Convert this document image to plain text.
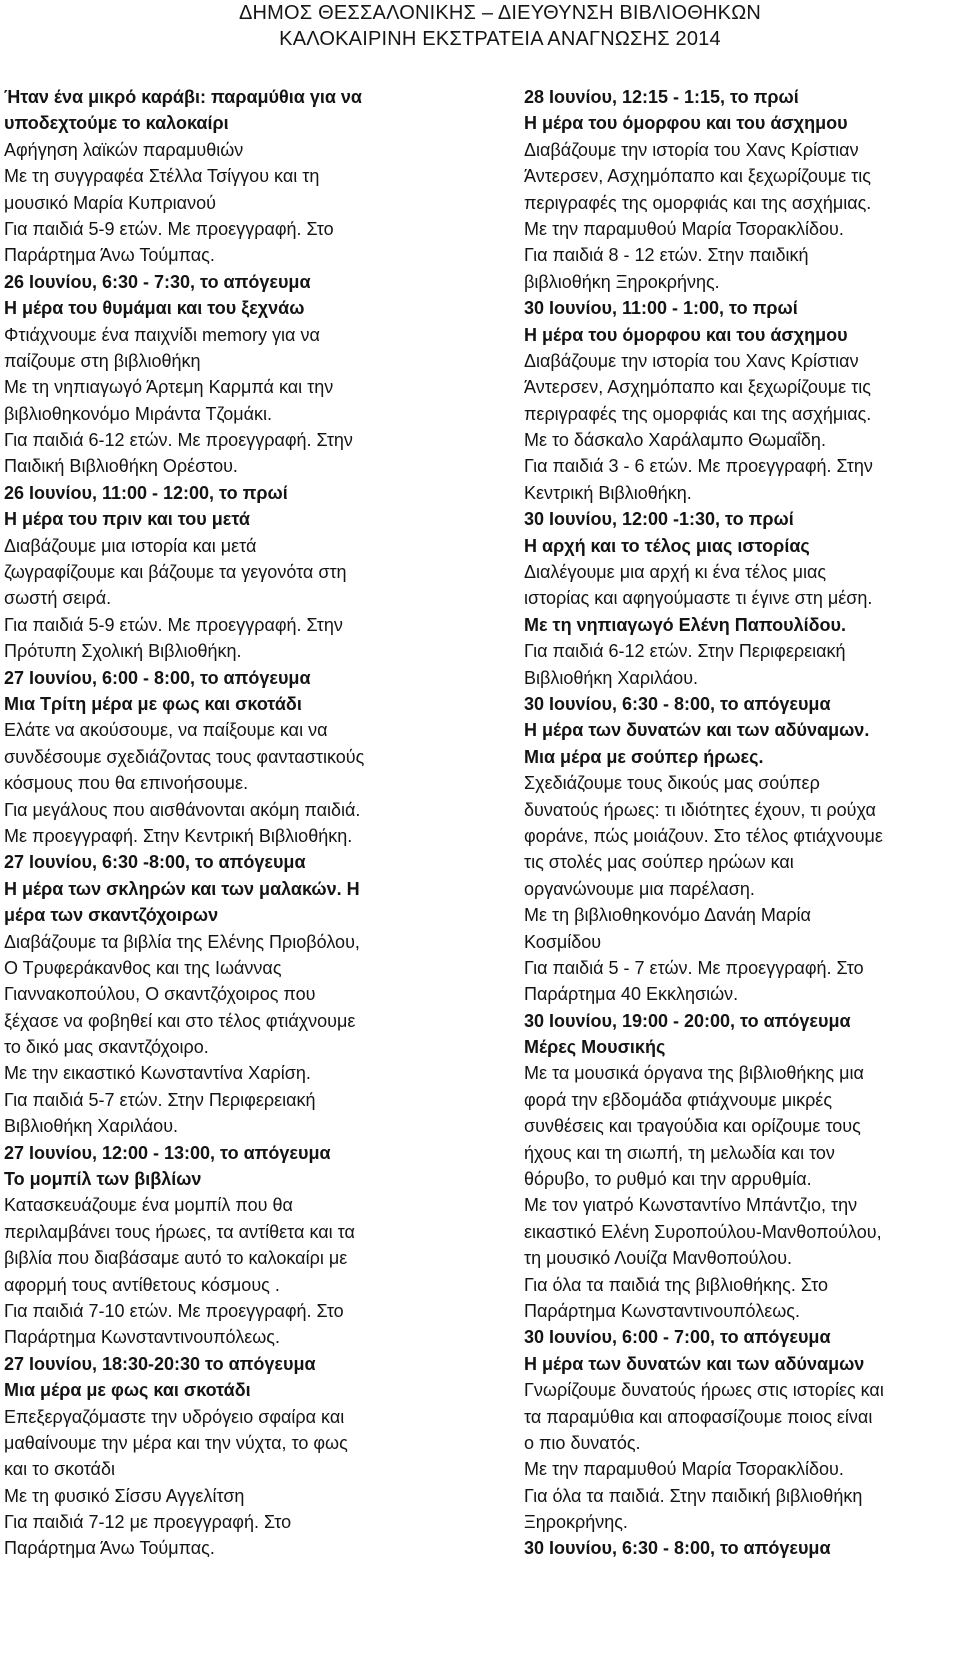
ΔΗΜΟΣ ΘΕΣΣΑΛΟΝΙΚΗΣ – ΔΙΕΥΘΥΝΣΗ ΒΙΒΛΙΟΘΗΚΩΝ
ΚΑΛΟΚΑΙΡΙΝΗ ΕΚΣΤΡΑΤΕΙΑ ΑΝΑΓΝΩΣΗΣ 2014
Ήταν ένα μικρό καράβι: παραμύθια για να
υποδεχτούμε το καλοκαίρι
Αφήγηση λαϊκών παραμυθιών
Με τη συγγραφέα Στέλλα Τσίγγου και τη
μουσικό Μαρία Κυπριανού
Για παιδιά 5-9 ετών. Με προεγγραφή. Στο
Παράρτημα Άνω Τούμπας.
26 Ιουνίου, 6:30 - 7:30, το απόγευμα
Η μέρα του θυμάμαι και του ξεχνάω
Φτιάχνουμε ένα παιχνίδι memory για να
παίζουμε στη βιβλιοθήκη
Με τη νηπιαγωγό Άρτεμη Καρμπά και την
βιβλιοθηκονόμο Μιράντα Τζομάκι.
Για παιδιά 6-12 ετών. Με προεγγραφή. Στην
Παιδική Βιβλιοθήκη Ορέστου.
26 Ιουνίου, 11:00 - 12:00, το πρωί
Η μέρα του πριν και του μετά
Διαβάζουμε μια ιστορία και μετά
ζωγραφίζουμε και βάζουμε τα γεγονότα στη
σωστή σειρά.
Για παιδιά 5-9 ετών. Με προεγγραφή. Στην
Πρότυπη Σχολική Βιβλιοθήκη.
27 Ιουνίου, 6:00 - 8:00, το απόγευμα
Μια Τρίτη μέρα με φως και σκοτάδι
Ελάτε να ακούσουμε, να παίξουμε και να
συνδέσουμε σχεδιάζοντας τους φανταστικούς
κόσμους που θα επινοήσουμε.
Για μεγάλους που αισθάνονται ακόμη παιδιά.
Με προεγγραφή. Στην Κεντρική Βιβλιοθήκη.
27 Ιουνίου, 6:30 -8:00, το απόγευμα
Η μέρα των σκληρών και των μαλακών. Η
μέρα των σκαντζόχοιρων
Διαβάζουμε τα βιβλία της Ελένης Πριοβόλου,
Ο Τρυφεράκανθος και της Ιωάννας
Γιαννακοπούλου, Ο σκαντζόχοιρος που
ξέχασε να φοβηθεί και στο τέλος φτιάχνουμε
το δικό μας σκαντζόχοιρο.
Με την εικαστικό Κωνσταντίνα Χαρίση.
Για παιδιά 5-7 ετών. Στην Περιφερειακή
Βιβλιοθήκη Χαριλάου.
27 Ιουνίου, 12:00 - 13:00, το απόγευμα
Το μομπίλ των βιβλίων
Κατασκευάζουμε ένα μομπίλ που θα
περιλαμβάνει τους ήρωες, τα αντίθετα και τα
βιβλία που διαβάσαμε αυτό το καλοκαίρι με
αφορμή τους αντίθετους κόσμους .
Για παιδιά 7-10 ετών. Με προεγγραφή. Στο
Παράρτημα Κωνσταντινουπόλεως.
27 Ιουνίου, 18:30-20:30 το απόγευμα
Μια μέρα με φως και σκοτάδι
Επεξεργαζόμαστε την υδρόγειο σφαίρα και
μαθαίνουμε την μέρα και την νύχτα, το φως
και το σκοτάδι
Με τη φυσικό Σίσσυ Αγγελίτση
Για παιδιά 7-12 με προεγγραφή. Στο
Παράρτημα Άνω Τούμπας.
28 Ιουνίου, 12:15 - 1:15, το πρωί
Η μέρα του όμορφου και του άσχημου
Διαβάζουμε την ιστορία του Χανς Κρίστιαν
Άντερσεν, Ασχημόπαπο και ξεχωρίζουμε τις
περιγραφές της ομορφιάς και της ασχήμιας.
Με την παραμυθού Μαρία Τσορακλίδου.
Για παιδιά 8 - 12 ετών. Στην παιδική
βιβλιοθήκη Ξηροκρήνης.
30 Ιουνίου, 11:00 - 1:00, το πρωί
Η μέρα του όμορφου και του άσχημου
Διαβάζουμε την ιστορία του Χανς Κρίστιαν
Άντερσεν, Ασχημόπαπο και ξεχωρίζουμε τις
περιγραφές της ομορφιάς και της ασχήμιας.
Με το δάσκαλο Χαράλαμπο Θωμαΐδη.
Για παιδιά 3 - 6 ετών. Με προεγγραφή. Στην
Κεντρική Βιβλιοθήκη.
30 Ιουνίου, 12:00 -1:30, το πρωί
Η αρχή και το τέλος μιας ιστορίας
Διαλέγουμε μια αρχή κι ένα τέλος μιας
ιστορίας και αφηγούμαστε τι έγινε στη μέση.
Με τη νηπιαγωγό Ελένη Παπουλίδου.
Για παιδιά 6-12 ετών. Στην Περιφερειακή
Βιβλιοθήκη Χαριλάου.
30 Ιουνίου, 6:30 - 8:00, το απόγευμα
Η μέρα των δυνατών και των αδύναμων.
Μια μέρα με σούπερ ήρωες.
Σχεδιάζουμε τους δικούς μας σούπερ
δυνατούς ήρωες: τι ιδιότητες έχουν, τι ρούχα
φοράνε, πώς μοιάζουν. Στο τέλος φτιάχνουμε
τις στολές μας σούπερ ηρώων και
οργανώνουμε μια παρέλαση.
Με τη βιβλιοθηκονόμο Δανάη Μαρία
Κοσμίδου
Για παιδιά 5 - 7 ετών. Με προεγγραφή. Στο
Παράρτημα 40 Εκκλησιών.
30 Ιουνίου, 19:00 - 20:00, το απόγευμα
Μέρες Μουσικής
Με τα μουσικά όργανα της βιβλιοθήκης μια
φορά την εβδομάδα φτιάχνουμε μικρές
συνθέσεις και τραγούδια και ορίζουμε τους
ήχους και τη σιωπή, τη μελωδία και τον
θόρυβο, το ρυθμό και την αρρυθμία.
Με τον γιατρό Κωνσταντίνο Μπάντζιο, την
εικαστικό Ελένη Συροπούλου-Μανθοπούλου,
τη μουσικό Λουίζα Μανθοπούλου.
Για όλα τα παιδιά της βιβλιοθήκης. Στο
Παράρτημα Κωνσταντινουπόλεως.
30 Ιουνίου, 6:00 - 7:00, το απόγευμα
Η μέρα των δυνατών και των αδύναμων
Γνωρίζουμε δυνατούς ήρωες στις ιστορίες και
τα παραμύθια και αποφασίζουμε ποιος είναι
ο πιο δυνατός.
Με την παραμυθού Μαρία Τσορακλίδου.
Για όλα τα παιδιά. Στην παιδική βιβλιοθήκη
Ξηροκρήνης.
30 Ιουνίου, 6:30 - 8:00, το απόγευμα
